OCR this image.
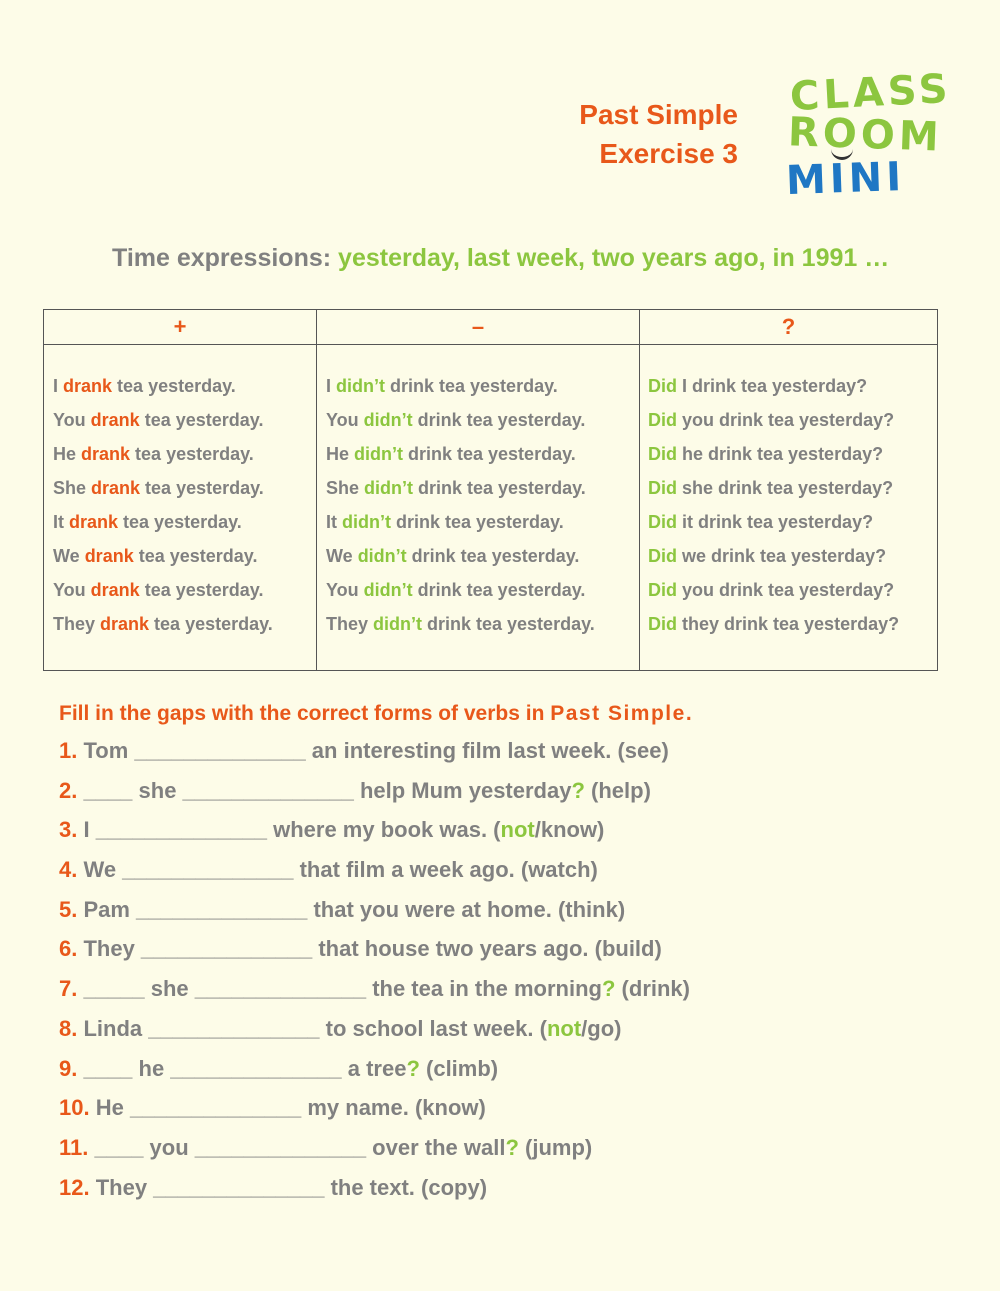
Past Simple
Exercise 3
CLASS
ROOM
MINI
Time expressions: yesterday, last week, two years ago, in 1991 …
+
I drank tea yesterday.
You drank tea yesterday.
He drank tea yesterday.
She drank tea yesterday.
It drank tea yesterday.
We drank tea yesterday.
You drank tea yesterday.
They drank tea yesterday.
–
I didn’t drink tea yesterday.
You didn’t drink tea yesterday.
He didn’t drink tea yesterday.
She didn’t drink tea yesterday.
It didn’t drink tea yesterday.
We didn’t drink tea yesterday.
You didn’t drink tea yesterday.
They didn’t drink tea yesterday.
?
Did I drink tea yesterday?
Did you drink tea yesterday?
Did he drink tea yesterday?
Did she drink tea yesterday?
Did it drink tea yesterday?
Did we drink tea yesterday?
Did you drink tea yesterday?
Did they drink tea yesterday?
Fill in the gaps with the correct forms of verbs in Past Simple.
1. Tom ______________ an interesting film last week. (see)
2. ____ she ______________ help Mum yesterday? (help)
3. I ______________ where my book was. (not/know)
4. We ______________ that film a week ago. (watch)
5. Pam ______________ that you were at home. (think)
6. They ______________ that house two years ago. (build)
7. _____ she ______________ the tea in the morning? (drink)
8. Linda ______________ to school last week. (not/go)
9. ____ he ______________ a tree? (climb)
10. He ______________ my name. (know)
11. ____ you ______________ over the wall? (jump)
12. They ______________ the text. (copy)
